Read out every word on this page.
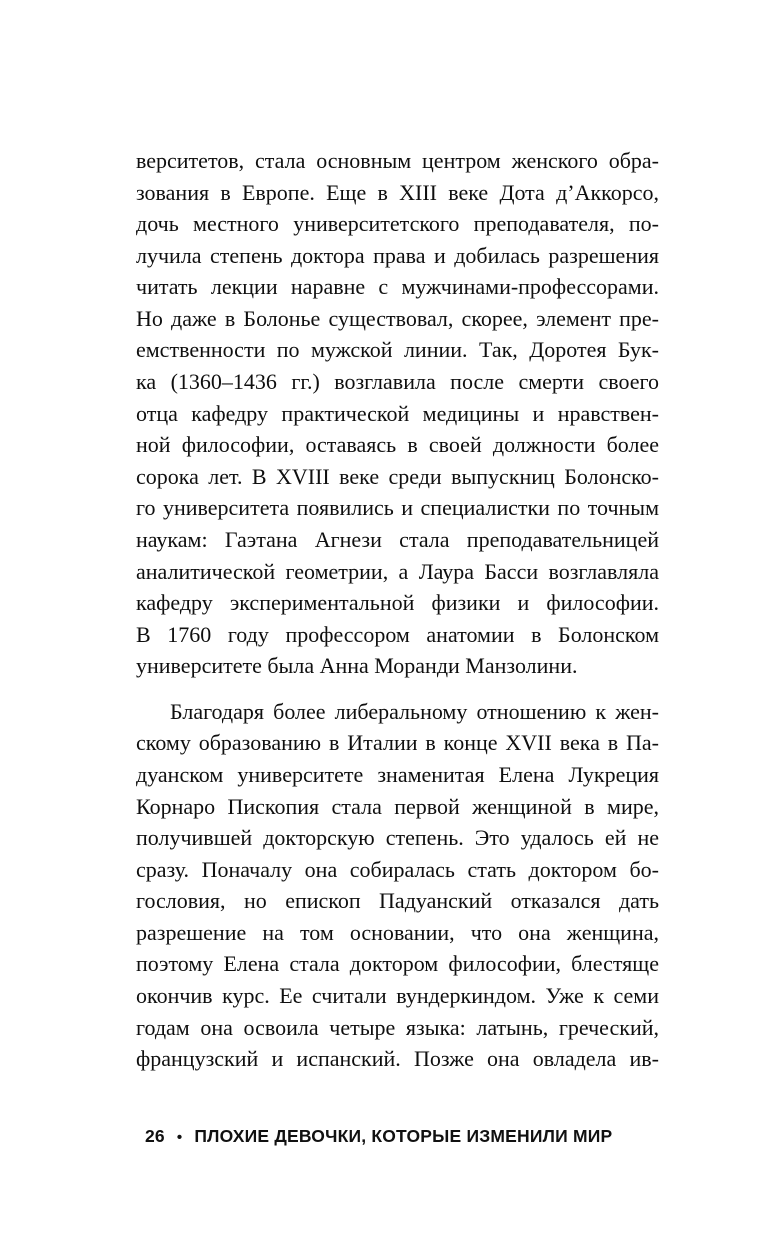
верситетов, стала основным центром женского обра-
зования в Европе. Еще в XIII веке Дота д’Аккорсо,
дочь местного университетского преподавателя, по-
лучила степень доктора права и добилась разрешения
читать лекции наравне с мужчинами-профессорами.
Но даже в Болонье существовал, скорее, элемент пре-
емственности по мужской линии. Так, Доротея Бук-
ка (1360–1436 гг.) возглавила после смерти своего
отца кафедру практической медицины и нравствен-
ной философии, оставаясь в своей должности более
сорока лет. В XVIII веке среди выпускниц Болонско-
го университета появились и специалистки по точным
наукам: Гаэтана Агнези стала преподавательницей
аналитической геометрии, а Лаура Басси возглавляла
кафедру экспериментальной физики и философии.
В 1760 году профессором анатомии в Болонском
университете была Анна Моранди Манзолини.
Благодаря более либеральному отношению к жен-
скому образованию в Италии в конце XVII века в Па-
дуанском университете знаменитая Елена Лукреция
Корнаро Пископия стала первой женщиной в мире,
получившей докторскую степень. Это удалось ей не
сразу. Поначалу она собиралась стать доктором бо-
гословия, но епископ Падуанский отказался дать
разрешение на том основании, что она женщина,
поэтому Елена стала доктором философии, блестяще
окончив курс. Ее считали вундеркиндом. Уже к семи
годам она освоила четыре языка: латынь, греческий,
французский и испанский. Позже она овладела ив-
26 • ПЛОХИЕ ДЕВОЧКИ, КОТОРЫЕ ИЗМЕНИЛИ МИР
